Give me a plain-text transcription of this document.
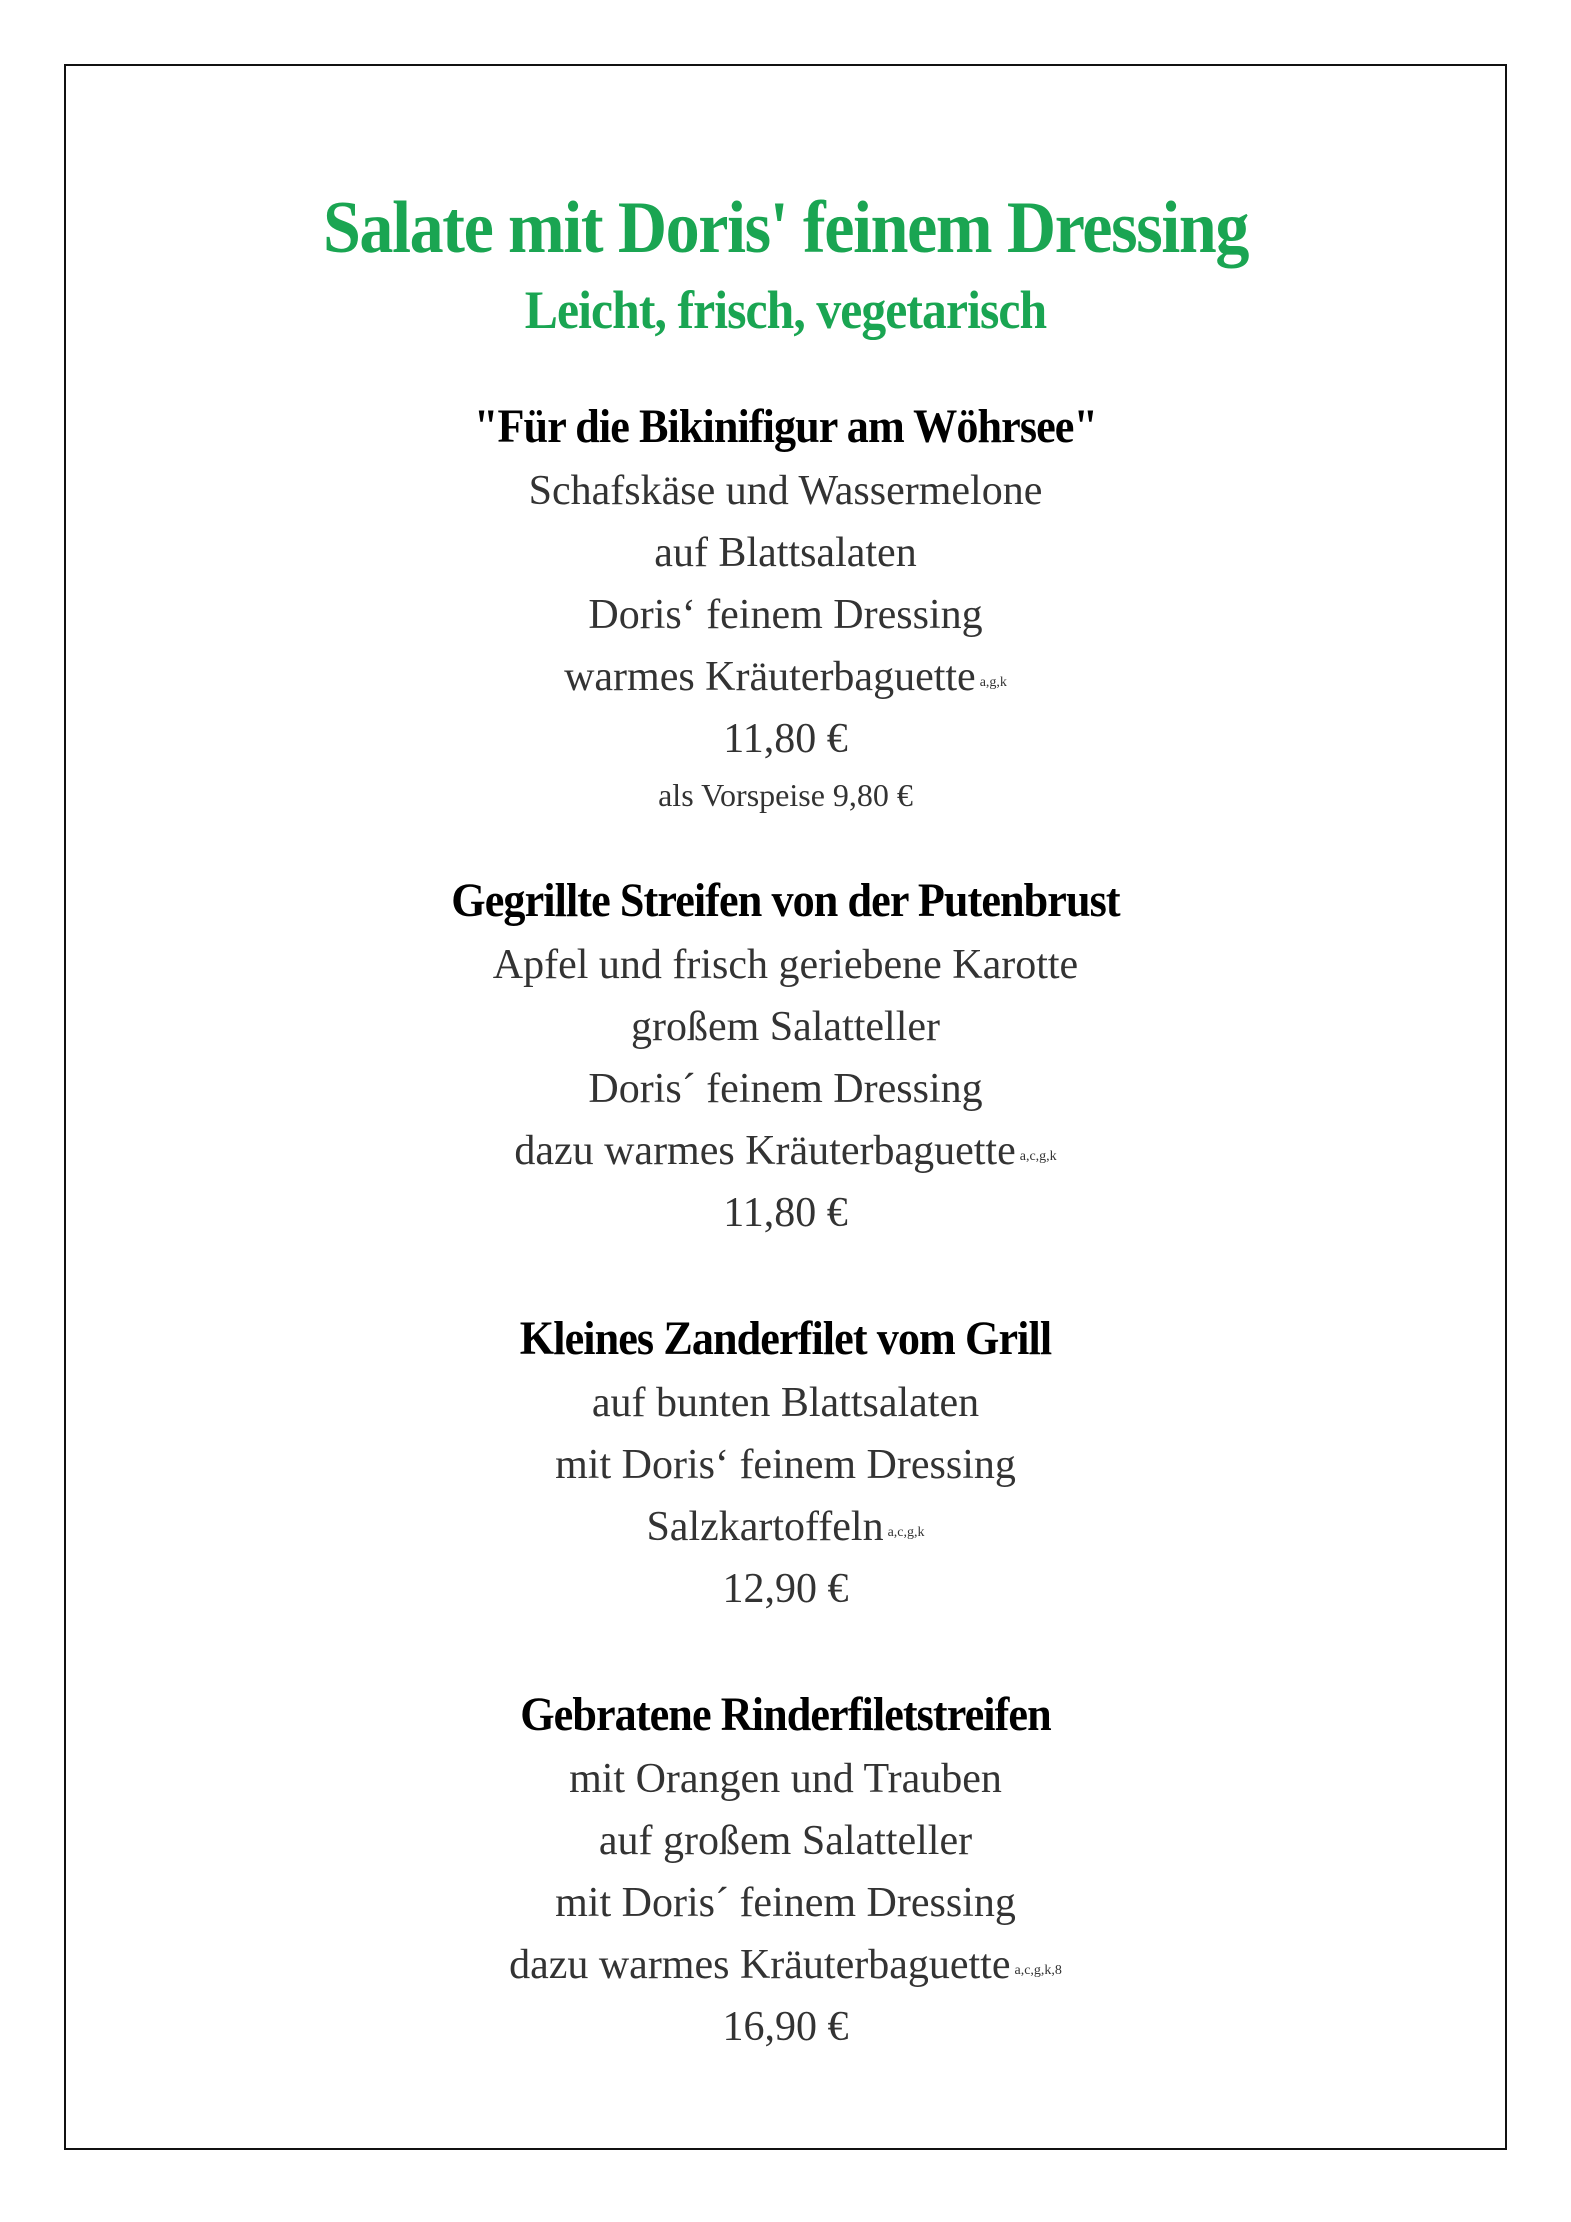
Salate mit Doris' feinem Dressing
Leicht, frisch, vegetarisch
"Für die Bikinifigur am Wöhrsee"
Schafskäse und Wassermelone
auf Blattsalaten
Doris‘ feinem Dressing
warmes Kräuterbaguette $^{a,g,k}$
11,80 €
als Vorspeise 9,80 €
Gegrillte Streifen von der Putenbrust
Apfel und frisch geriebene Karotte
großem Salatteller
Doris´ feinem Dressing
dazu warmes Kräuterbaguette $^{a,c,g,k}$
11,80 €
Kleines Zanderfilet vom Grill
auf bunten Blattsalaten
mit Doris‘ feinem Dressing
Salzkartoffeln $^{a,c,g,k}$
12,90 €
Gebratene Rinderfiletstreifen
mit Orangen und Trauben
auf großem Salatteller
mit Doris´ feinem Dressing
dazu warmes Kräuterbaguette $^{a,c,g,k,8}$
16,90 €
